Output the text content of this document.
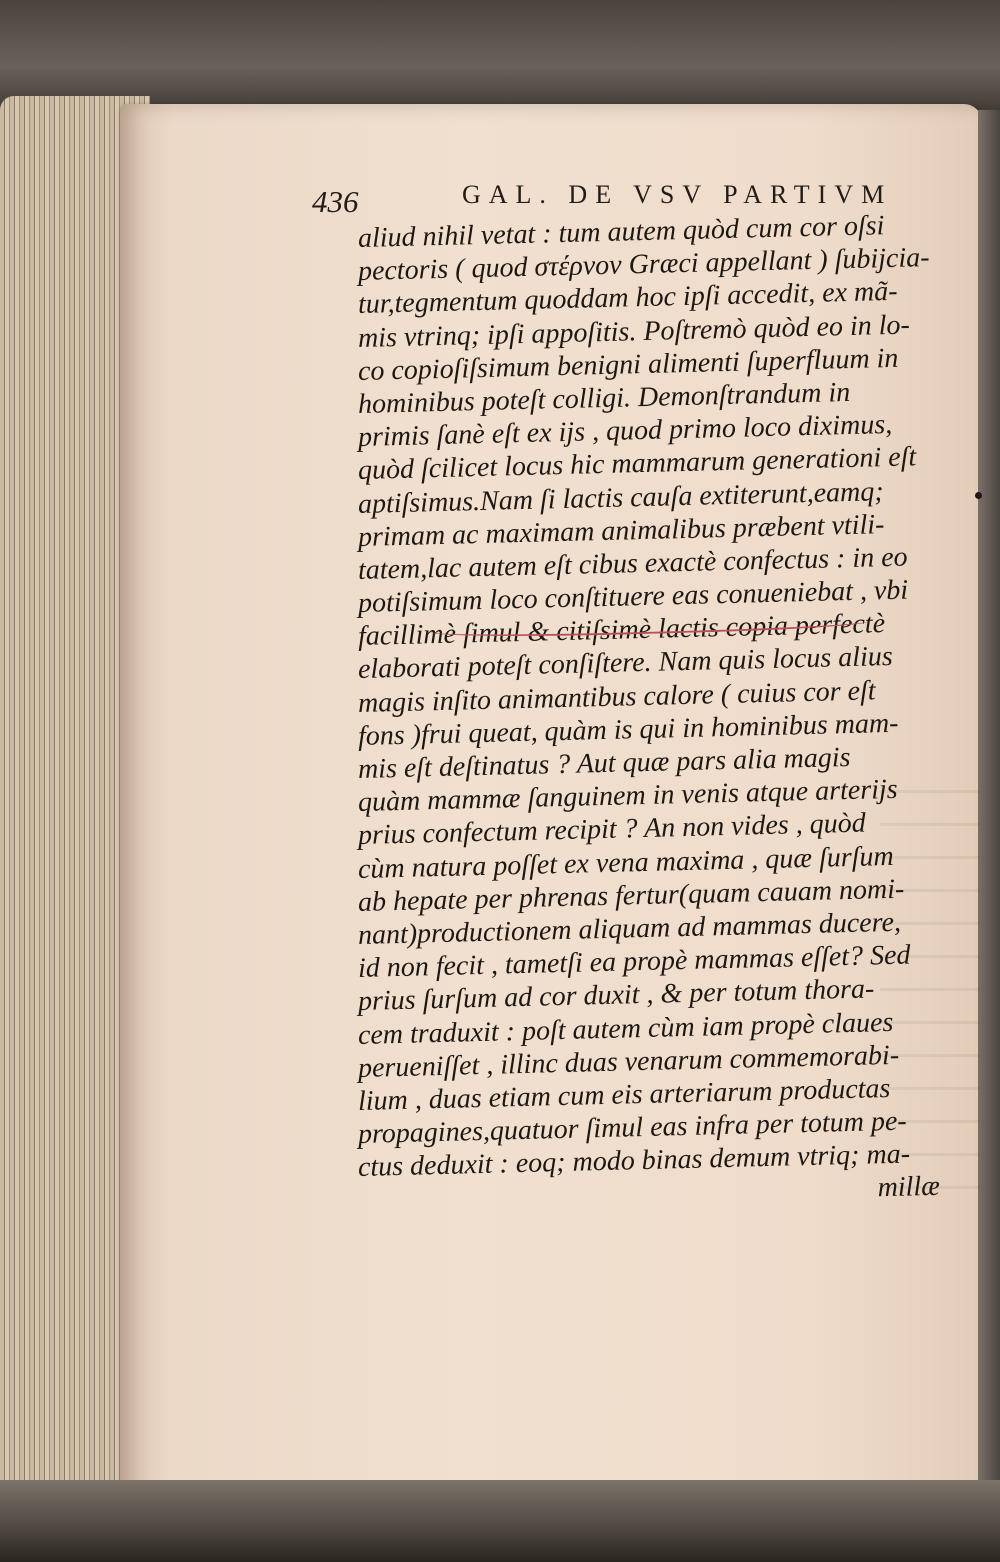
436	GAL. DE VSV PARTIVM
aliud nihil vetat : tum autem quòd cum cor oſsi
pectoris ( quod στέρνον Græci appellant ) ſubijcia-
tur,tegmentum quoddam hoc ipſi accedit, ex mã-
mis vtrinq; ipſi appoſitis. Poſtremò quòd eo in lo-
co copioſiſsimum benigni alimenti ſuperfluum in
hominibus poteſt colligi. Demonſtrandum in
primis ſanè eſt ex ijs , quod primo loco diximus,
quòd ſcilicet locus hic mammarum generationi eſt
aptiſsimus.Nam ſi lactis cauſa extiterunt,eamq;
primam ac maximam animalibus præbent vtili-
tatem,lac autem eſt cibus exactè confectus : in eo
potiſsimum loco conſtituere eas conueniebat , vbi
facillimè ſimul & citiſsimè lactis copia perfectè
elaborati poteſt conſiſtere. Nam quis locus alius
magis inſito animantibus calore ( cuius cor eſt
fons )frui queat, quàm is qui in hominibus mam-
mis eſt deſtinatus ? Aut quæ pars alia magis
quàm mammæ ſanguinem in venis atque arterijs
prius confectum recipit ? An non vides , quòd
cùm natura poſſet ex vena maxima , quæ ſurſum
ab hepate per phrenas fertur(quam cauam nomi-
nant)productionem aliquam ad mammas ducere,
id non fecit , tametſi ea propè mammas eſſet? Sed
prius ſurſum ad cor duxit , & per totum thora-
cem traduxit : poſt autem cùm iam propè claues
perueniſſet , illinc duas venarum commemorabi-
lium , duas etiam cum eis arteriarum productas
propagines,quatuor ſimul eas infra per totum pe-
ctus deduxit : eoq; modo binas demum vtriq; ma-
millæ
